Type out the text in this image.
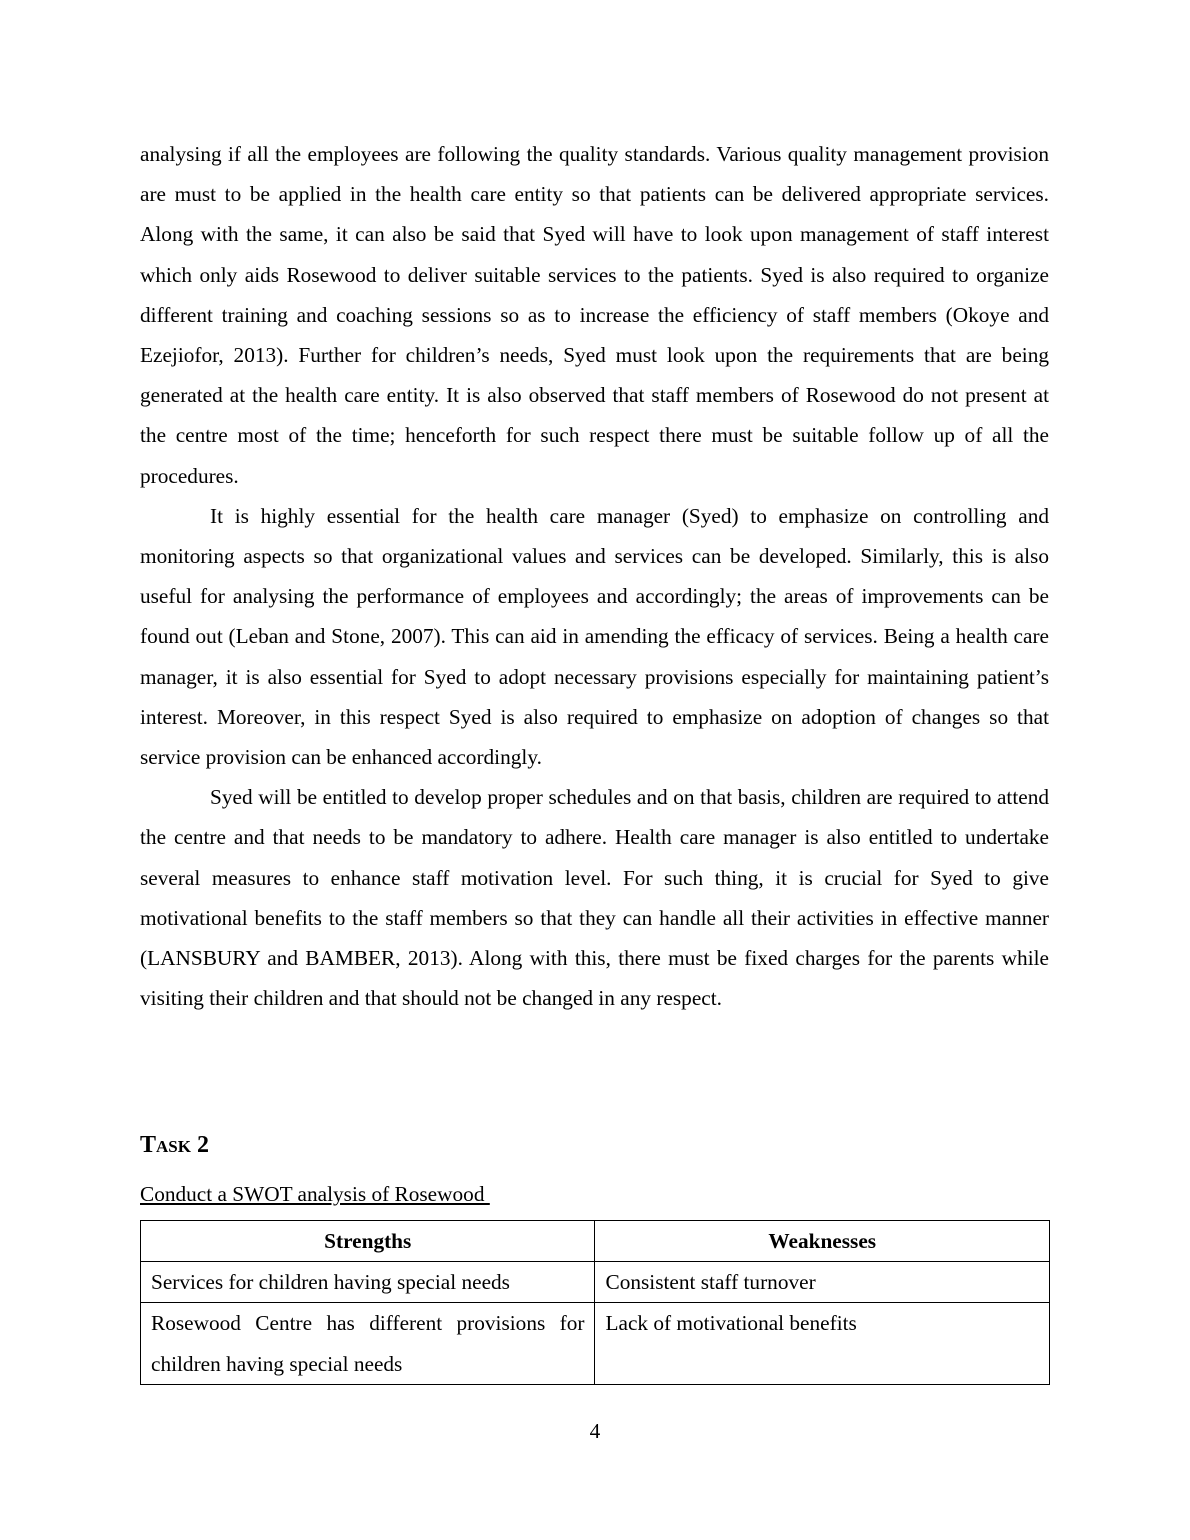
analysing if all the employees are following the quality standards. Various quality management provision are must to be applied in the health care entity so that patients can be delivered appropriate services. Along with the same, it can also be said that Syed will have to look upon management of staff interest which only aids Rosewood to deliver suitable services to the patients. Syed is also required to organize different training and coaching sessions so as to increase the efficiency of staff members (Okoye and Ezejiofor, 2013). Further for children’s needs, Syed must look upon the requirements that are being generated at the health care entity. It is also observed that staff members of Rosewood do not present at the centre most of the time; henceforth for such respect there must be suitable follow up of all the procedures.

It is highly essential for the health care manager (Syed) to emphasize on controlling and monitoring aspects so that organizational values and services can be developed. Similarly, this is also useful for analysing the performance of employees and accordingly; the areas of improvements can be found out (Leban and Stone, 2007). This can aid in amending the efficacy of services. Being a health care manager, it is also essential for Syed to adopt necessary provisions especially for maintaining patient’s interest. Moreover, in this respect Syed is also required to emphasize on adoption of changes so that service provision can be enhanced accordingly.

Syed will be entitled to develop proper schedules and on that basis, children are required to attend the centre and that needs to be mandatory to adhere. Health care manager is also entitled to undertake several measures to enhance staff motivation level. For such thing, it is crucial for Syed to give motivational benefits to the staff members so that they can handle all their activities in effective manner (LANSBURY and BAMBER, 2013). Along with this, there must be fixed charges for the parents while visiting their children and that should not be changed in any respect.

Task 2
Conduct a SWOT analysis of Rosewood
Strengths	Weaknesses
Services for children having special needs	Consistent staff turnover
Rosewood Centre has different provisions for children having special needs	Lack of motivational benefits
4
